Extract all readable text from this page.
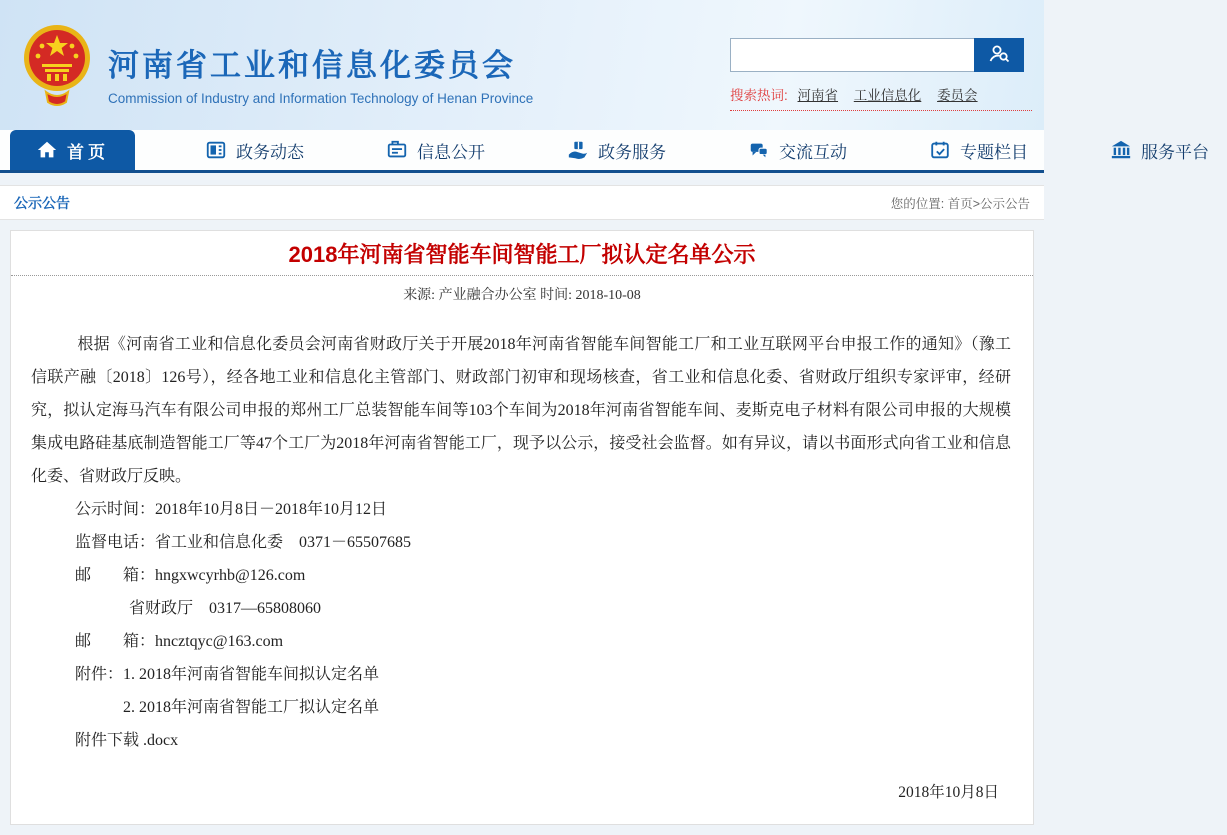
河南省工业和信息化委员会
Commission of Industry and Information Technology of Henan Province	搜索热词: 河南省 工业信息化 委员会
首页	政务动态	信息公开	政务服务	交流互动	专题栏目	服务平台
公示公告	您的位置: 首页>公示公告
2018年河南省智能车间智能工厂拟认定名单公示
来源: 产业融合办公室 时间: 2018-10-08

根据《河南省工业和信息化委员会河南省财政厅关于开展2018年河南省智能车间智能工厂和工业互联网平台申报工作的通知》（豫工信联产融〔2018〕126号），经各地工业和信息化主管部门、财政部门初审和现场核查，省工业和信息化委、省财政厅组织专家评审，经研究，拟认定海马汽车有限公司申报的郑州工厂总装智能车间等103个车间为2018年河南省智能车间、麦斯克电子材料有限公司申报的大规模集成电路硅基底制造智能工厂等47个工厂为2018年河南省智能工厂，现予以公示，接受社会监督。如有异议，请以书面形式向省工业和信息化委、省财政厅反映。

公示时间：2018年10月8日－2018年10月12日

监督电话：省工业和信息化委　0371－65507685

邮　　箱：hngxwcyrhb@126.com

省财政厅　0317—65808060

邮　　箱：hncztqyc@163.com

附件：1. 2018年河南省智能车间拟认定名单

2. 2018年河南省智能工厂拟认定名单

附件下载 .docx

2018年10月8日
